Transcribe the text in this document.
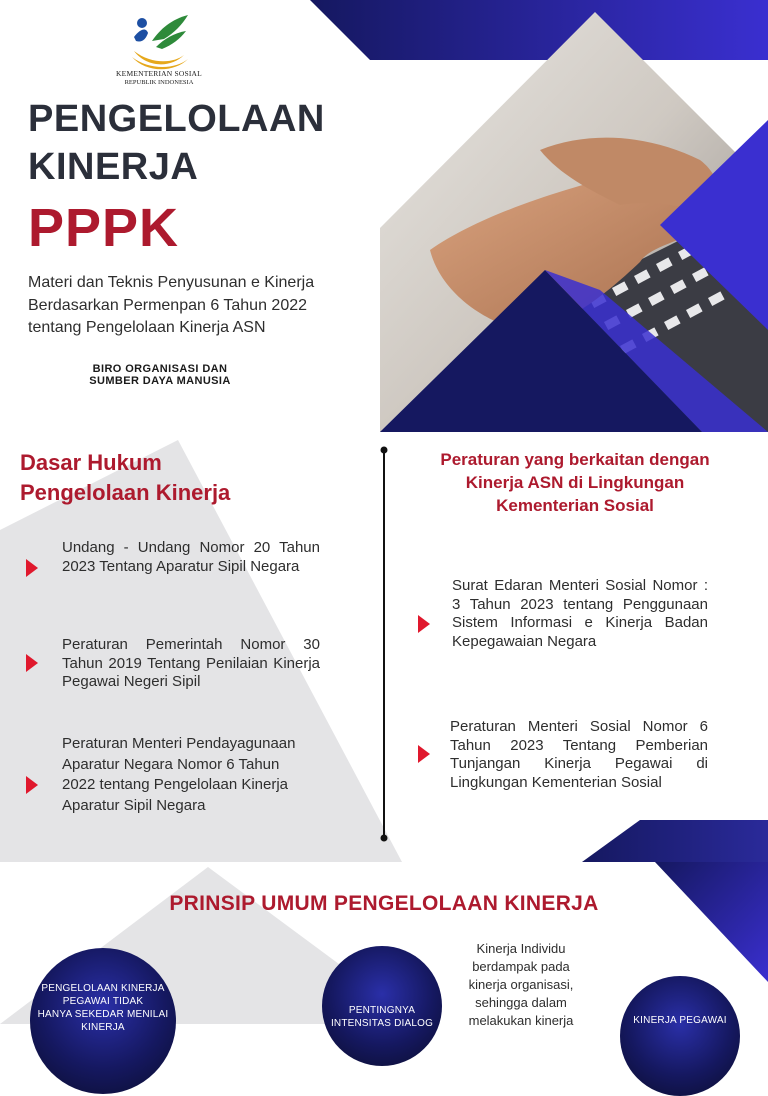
KEMENTERIAN SOSIAL
REPUBLIK INDONESIA
PENGELOLAAN
KINERJA
PPPK
Materi dan Teknis Penyusunan e Kinerja Berdasarkan Permenpan 6 Tahun 2022 tentang Pengelolaan Kinerja ASN
BIRO ORGANISASI DAN
SUMBER DAYA MANUSIA
Dasar Hukum
Pengelolaan Kinerja
Undang - Undang Nomor 20 Tahun 2023 Tentang Aparatur Sipil Negara
Peraturan Pemerintah Nomor 30 Tahun 2019 Tentang Penilaian Kinerja Pegawai Negeri Sipil
Peraturan Menteri Pendayagunaan Aparatur Negara Nomor 6 Tahun 2022 tentang Pengelolaan Kinerja Aparatur Sipil Negara
Peraturan yang berkaitan dengan Kinerja ASN di Lingkungan Kementerian Sosial
Surat Edaran Menteri Sosial Nomor : 3 Tahun 2023 tentang Penggunaan Sistem Informasi e Kinerja Badan Kepegawaian Negara
Peraturan Menteri Sosial Nomor 6 Tahun 2023 Tentang Pemberian Tunjangan Kinerja Pegawai di Lingkungan Kementerian Sosial
PRINSIP UMUM PENGELOLAAN KINERJA
PENGELOLAAN KINERJA
PEGAWAI TIDAK
HANYA SEKEDAR MENILAI
KINERJA
PENTINGNYA
INTENSITAS DIALOG
Kinerja Individu
berdampak pada
kinerja organisasi,
sehingga dalam
melakukan kinerja	KINERJA PEGAWAI
